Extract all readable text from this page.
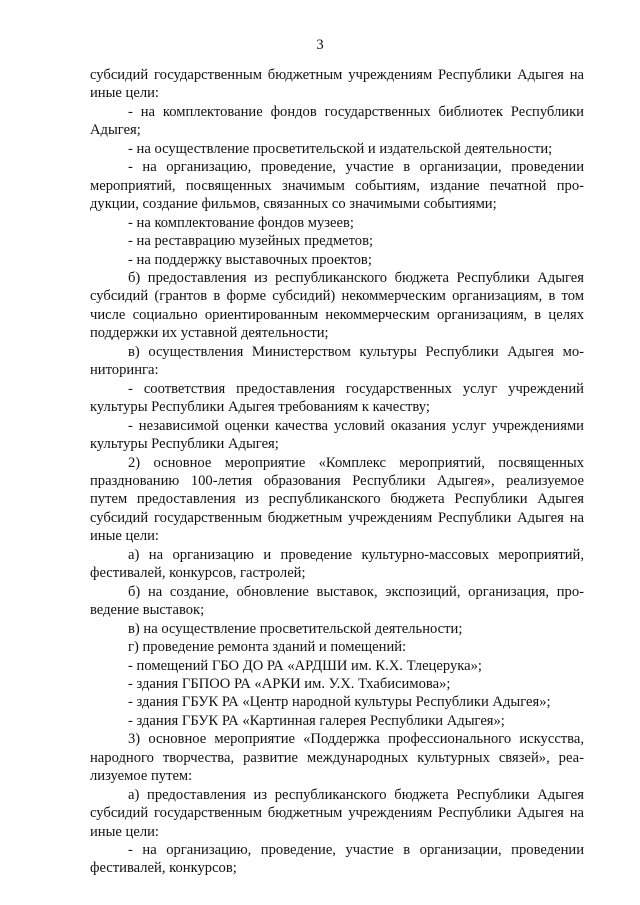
3

субсидий государственным бюджетным учреждениям Республики Адыгея на иные цели:

- на комплектование фондов государственных библиотек Республики Адыгея;

- на осуществление просветительской и издательской деятельности;

- на организацию, проведение, участие в организации, проведении мероприятий, посвященных значимым событиям, издание печатной продукции, создание фильмов, связанных со значимыми событиями;

- на комплектование фондов музеев;

- на реставрацию музейных предметов;

- на поддержку выставочных проектов;

б) предоставления из республиканского бюджета Республики Адыгея субсидий (грантов в форме субсидий) некоммерческим организациям, в том числе социально ориентированным некоммерческим организациям, в целях поддержки их уставной деятельности;

в) осуществления Министерством культуры Республики Адыгея мониторинга:

- соответствия предоставления государственных услуг учреждений культуры Республики Адыгея требованиям к качеству;

- независимой оценки качества условий оказания услуг учреждениями культуры Республики Адыгея;

2) основное мероприятие «Комплекс мероприятий, посвященных празднованию 100-летия образования Республики Адыгея», реализуемое путем предоставления из республиканского бюджета Республики Адыгея субсидий государственным бюджетным учреждениям Республики Адыгея на иные цели:

а) на организацию и проведение культурно-массовых мероприятий, фестивалей, конкурсов, гастролей;

б) на создание, обновление выставок, экспозиций, организация, проведение выставок;

в) на осуществление просветительской деятельности;

г) проведение ремонта зданий и помещений:

- помещений ГБО ДО РА «АРДШИ им. К.Х. Тлецерука»;

- здания ГБПОО РА «АРКИ им. У.Х. Тхабисимова»;

- здания ГБУК РА «Центр народной культуры Республики Адыгея»;

- здания ГБУК РА «Картинная галерея Республики Адыгея»;

3) основное мероприятие «Поддержка профессионального искусства, народного творчества, развитие международных культурных связей», реализуемое путем:

а) предоставления из республиканского бюджета Республики Адыгея субсидий государственным бюджетным учреждениям Республики Адыгея на иные цели:

- на организацию, проведение, участие в организации, проведении фестивалей, конкурсов;
